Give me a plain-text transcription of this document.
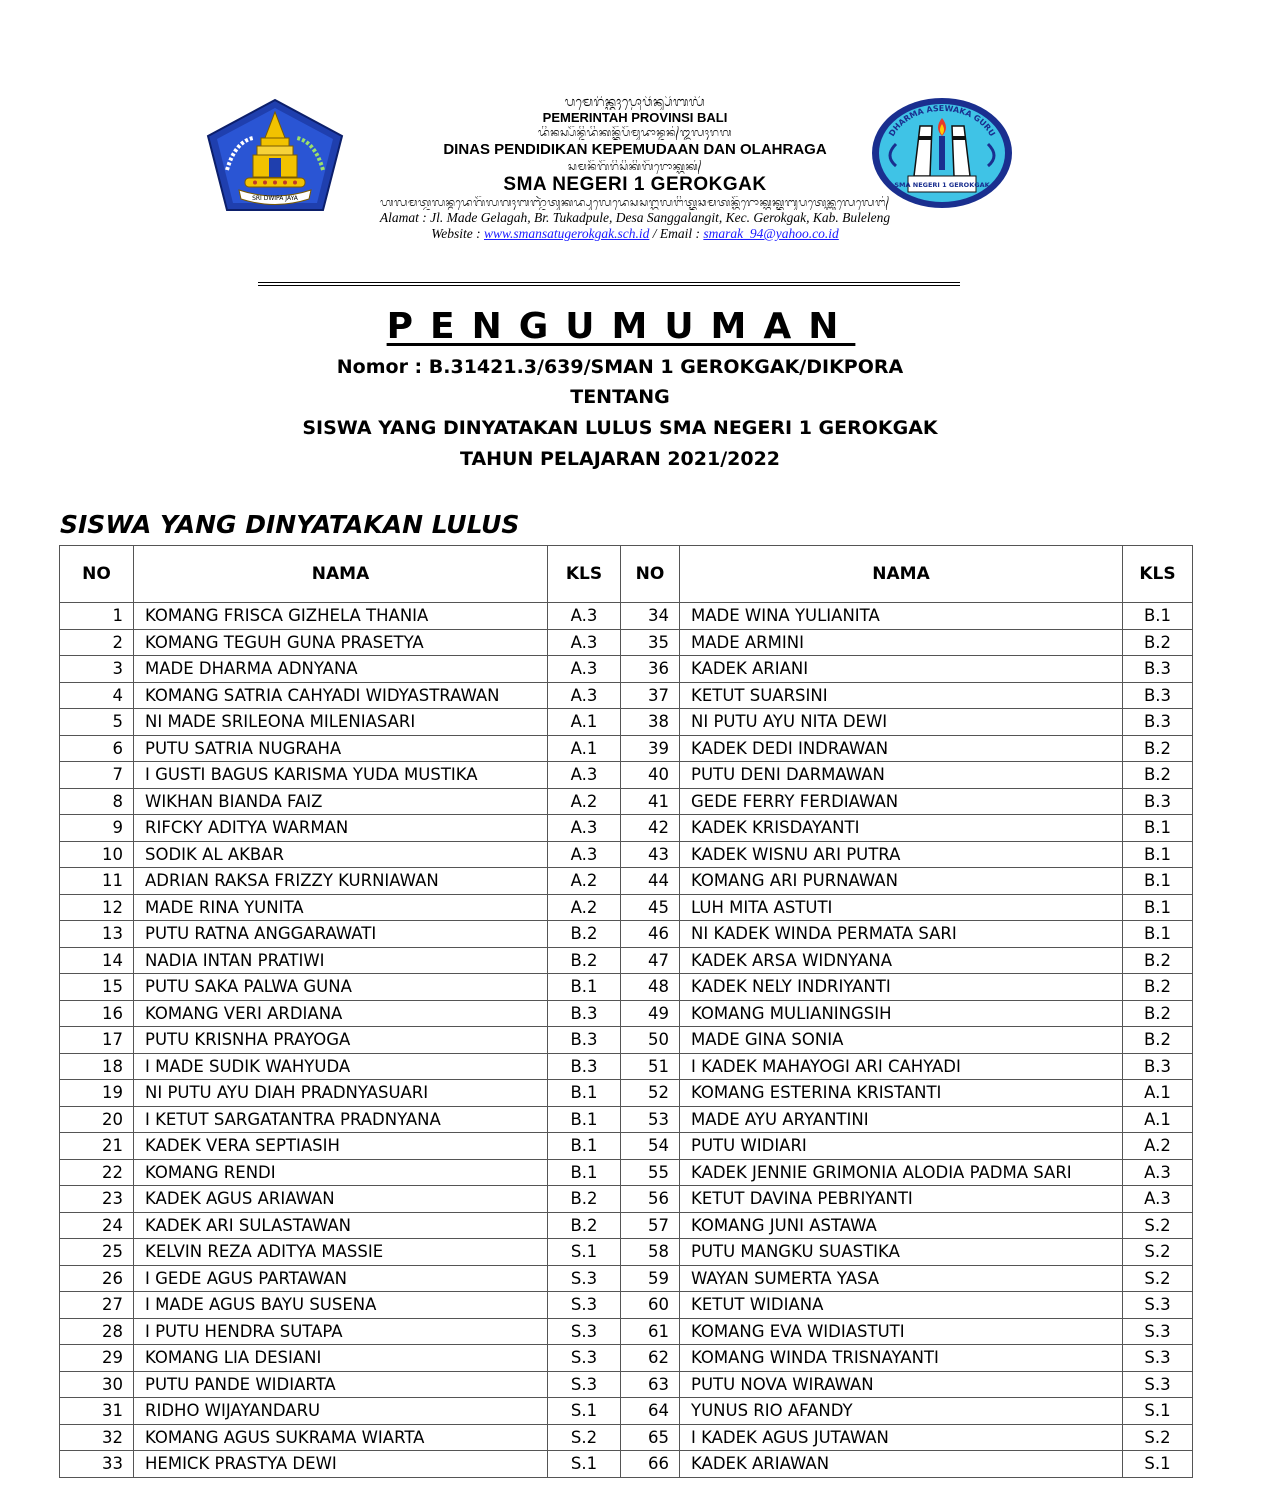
SRI DWIPA JAYA
DHARMA ASEWAKA GURU
SMA NEGERI 1 GEROKGAK
ᬧᬫᬾᬭᬶᬦ᭄ᬢᬄᬧ᭄ᬭᭀᬯᬶᬦ᭄ᬲᬶᬩᬮᬶ
PEMERINTAH PROVINSI BALI
ᬤᬶᬦᬲ᭄ᬧᭂᬦ᭄ᬤᬶᬤᬶᬓᬦ᭄ᬓᭂᬧᭂᬫᬸᬤᬵᬦ᭄ᬤᬦ᭄ᬑᬮᬄᬭᬕ
DINAS PENDIDIKAN KEPEMUDAAN DAN OLAHRAGA
ᬲᬫᬦᭂᬕᭂᬭᬶᬲᬶᬓᬶᬕᭂᬭᭀᬓ᭄ᬕᬓ᭄
SMA NEGERI 1 GEROKGAK
ᬳᬮᬫᬢ᭄ᬚᬮᬦ᭄ᬫᬤᬾᬕᭂᬮᬕᬄᬩᬜ᭄ᬚᬃᬢᬸᬓᬤ᭄ᬧᬸᬮᬾᬤᬾᬲᬲᬗ᭄ᬕᬮᬗᬶᬢ᭄ᬓᬘᬫᬢᬦ᭄ᬕᭂᬭᭀᬓ᭄ᬕᬓ᭄ᬓᬩᬸᬧᬢᬾᬦ᭄ᬩᬸᬮᬾᬮᬾᬗ᭄
Alamat : Jl. Made Gelagah, Br. Tukadpule, Desa Sanggalangit, Kec. Gerokgak, Kab. Buleleng
Website : www.smansatugerokgak.sch.id / Email : smarak_94@yahoo.co.id
PENGUMUMAN
Nomor : B.31421.3/639/SMAN 1 GEROKGAK/DIKPORA
TENTANG
SISWA YANG DINYATAKAN LULUS SMA NEGERI 1 GEROKGAK
TAHUN PELAJARAN 2021/2022
SISWA YANG DINYATAKAN LULUS
NO	NAMA	KLS	NO	NAMA	KLS
1	KOMANG FRISCA GIZHELA THANIA	A.3	34	MADE WINA YULIANITA	B.1
2	KOMANG TEGUH GUNA PRASETYA	A.3	35	MADE ARMINI	B.2
3	MADE DHARMA ADNYANA	A.3	36	KADEK ARIANI	B.3
4	KOMANG SATRIA CAHYADI WIDYASTRAWAN	A.3	37	KETUT SUARSINI	B.3
5	NI MADE SRILEONA MILENIASARI	A.1	38	NI PUTU AYU NITA DEWI	B.3
6	PUTU SATRIA NUGRAHA	A.1	39	KADEK DEDI INDRAWAN	B.2
7	I GUSTI BAGUS KARISMA YUDA MUSTIKA	A.3	40	PUTU DENI DARMAWAN	B.2
8	WIKHAN BIANDA FAIZ	A.2	41	GEDE FERRY FERDIAWAN	B.3
9	RIFCKY ADITYA WARMAN	A.3	42	KADEK KRISDAYANTI	B.1
10	SODIK AL AKBAR	A.3	43	KADEK WISNU ARI PUTRA	B.1
11	ADRIAN RAKSA FRIZZY KURNIAWAN	A.2	44	KOMANG ARI PURNAWAN	B.1
12	MADE RINA YUNITA	A.2	45	LUH MITA ASTUTI	B.1
13	PUTU RATNA ANGGARAWATI	B.2	46	NI KADEK WINDA PERMATA SARI	B.1
14	NADIA INTAN PRATIWI	B.2	47	KADEK ARSA WIDNYANA	B.2
15	PUTU SAKA PALWA GUNA	B.1	48	KADEK NELY INDRIYANTI	B.2
16	KOMANG VERI ARDIANA	B.3	49	KOMANG MULIANINGSIH	B.2
17	PUTU KRISNHA PRAYOGA	B.3	50	MADE GINA SONIA	B.2
18	I MADE SUDIK WAHYUDA	B.3	51	I KADEK MAHAYOGI ARI CAHYADI	B.3
19	NI PUTU AYU DIAH PRADNYASUARI	B.1	52	KOMANG ESTERINA KRISTANTI	A.1
20	I KETUT SARGATANTRA PRADNYANA	B.1	53	MADE AYU ARYANTINI	A.1
21	KADEK VERA SEPTIASIH	B.1	54	PUTU WIDIARI	A.2
22	KOMANG RENDI	B.1	55	KADEK JENNIE GRIMONIA ALODIA PADMA SARI	A.3
23	KADEK AGUS ARIAWAN	B.2	56	KETUT DAVINA PEBRIYANTI	A.3
24	KADEK ARI SULASTAWAN	B.2	57	KOMANG JUNI ASTAWA	S.2
25	KELVIN REZA ADITYA MASSIE	S.1	58	PUTU MANGKU SUASTIKA	S.2
26	I GEDE AGUS PARTAWAN	S.3	59	WAYAN SUMERTA YASA	S.2
27	I MADE AGUS BAYU SUSENA	S.3	60	KETUT WIDIANA	S.3
28	I PUTU HENDRA SUTAPA	S.3	61	KOMANG EVA WIDIASTUTI	S.3
29	KOMANG LIA DESIANI	S.3	62	KOMANG WINDA TRISNAYANTI	S.3
30	PUTU PANDE WIDIARTA	S.3	63	PUTU NOVA WIRAWAN	S.3
31	RIDHO WIJAYANDARU	S.1	64	YUNUS RIO AFANDY	S.1
32	KOMANG AGUS SUKRAMA WIARTA	S.2	65	I KADEK AGUS JUTAWAN	S.2
33	HEMICK PRASTYA DEWI	S.1	66	KADEK ARIAWAN	S.1
